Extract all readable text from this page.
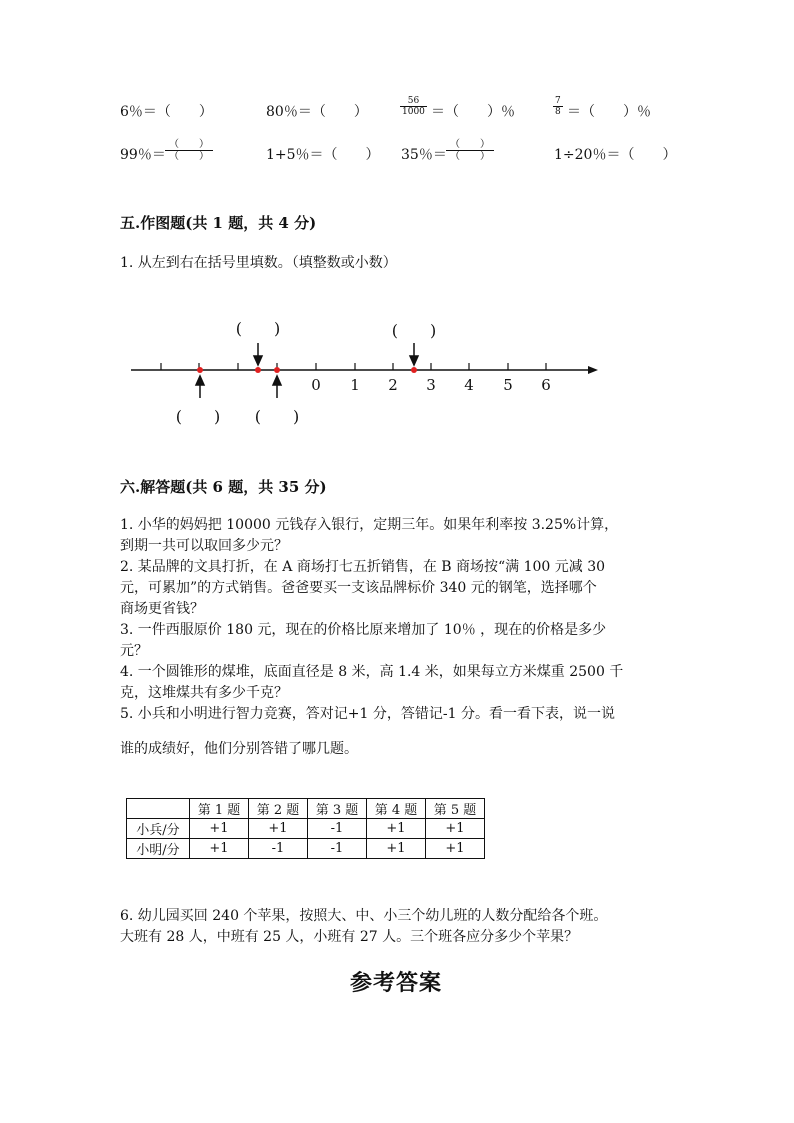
6％＝（　　）	80％＝（　　）	$\frac{56}{1000}$ ＝（　　）％	$\frac{7}{8}$ ＝（　　）％
99％＝
（　　）
（　　）	1+5％＝（　　） 35％＝
（　　）
（　　）	1÷20％＝（　　）
五.作图题(共 1 题，共 4 分)
1. 从左到右在括号里填数。（填整数或小数）
0 1 2 3 4 5 6
(　　)	(　　)
(　　) (　　)
六.解答题(共 6 题，共 35 分)
1. 小华的妈妈把 10000 元钱存入银行，定期三年。如果年利率按 3.25%计算，
到期一共可以取回多少元？
2. 某品牌的文具打折，在 A 商场打七五折销售，在 B 商场按“满 100 元减 30
元，可累加”的方式销售。爸爸要买一支该品牌标价 340 元的钢笔，选择哪个
商场更省钱？
3. 一件西服原价 180 元，现在的价格比原来增加了 10％ ，现在的价格是多少
元？
4. 一个圆锥形的煤堆，底面直径是 8 米，高 1.4 米，如果每立方米煤重 2500 千
克，这堆煤共有多少千克？
5. 小兵和小明进行智力竞赛，答对记+1 分，答错记-1 分。看一看下表，说一说
谁的成绩好，他们分别答错了哪几题。
	第 1 题	第 2 题	第 3 题	第 4 题	第 5 题
小兵/分	+1	+1	-1	+1	+1
小明/分	+1	-1	-1	+1	+1
6. 幼儿园买回 240 个苹果，按照大、中、小三个幼儿班的人数分配给各个班。
大班有 28 人，中班有 25 人，小班有 27 人。三个班各应分多少个苹果？
参考答案
